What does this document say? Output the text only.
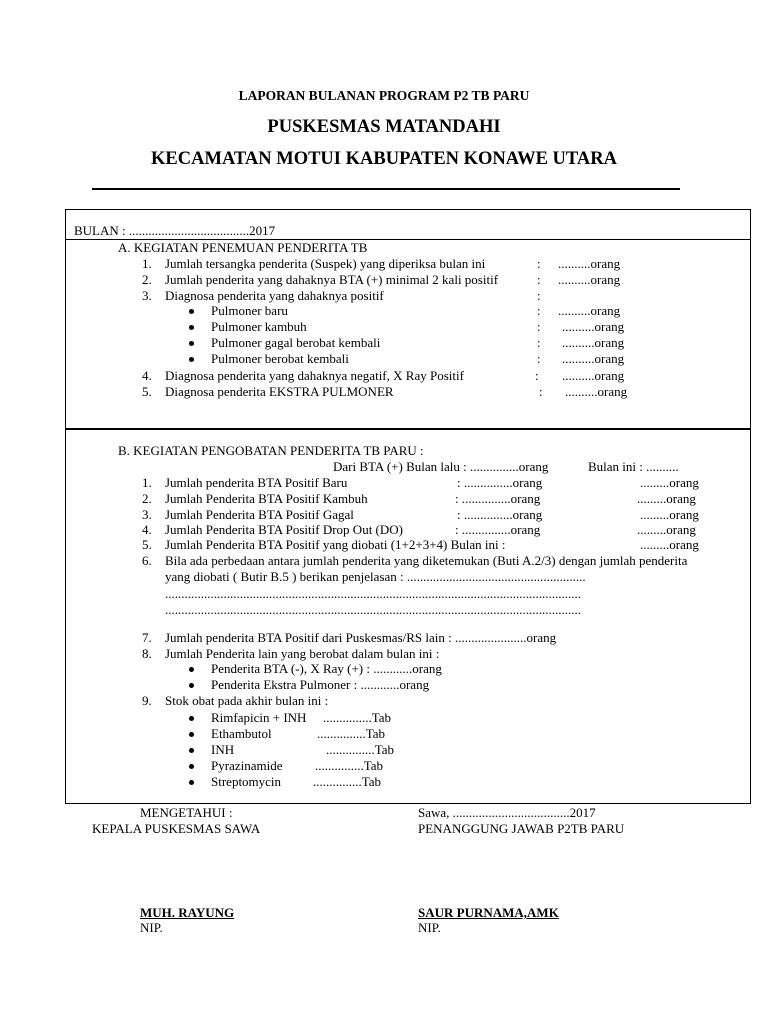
LAPORAN BULANAN PROGRAM P2 TB PARU
PUSKESMAS MATANDAHI
KECAMATAN MOTUI KABUPATEN KONAWE UTARA
BULAN : .....................................2017
A. KEGIATAN PENEMUAN PENDERITA TB
1. Jumlah tersangka penderita (Suspek) yang diperiksa bulan ini	: ..........orang
2. Jumlah penderita yang dahaknya BTA (+) minimal 2 kali positif	: ..........orang
3. Diagnosa penderita yang dahaknya positif	:
Pulmoner baru	: ..........orang
Pulmoner kambuh	: ..........orang
Pulmoner gagal berobat kembali	: ..........orang
Pulmoner berobat kembali	: ..........orang
4. Diagnosa penderita yang dahaknya negatif, X Ray Positif	: ..........orang
5. Diagnosa penderita EKSTRA PULMONER	: ..........orang
B. KEGIATAN PENGOBATAN PENDERITA TB PARU :
Dari BTA (+) Bulan lalu : ...............orang	Bulan ini : ..........
1. Jumlah penderita BTA Positif Baru	: ...............orang	.........orang
2. Jumlah Penderita BTA Positif Kambuh	: ...............orang	.........orang
3. Jumlah Penderita BTA Positif Gagal	: ...............orang	.........orang
4. Jumlah Penderita BTA Positif Drop Out (DO)	: ...............orang	.........orang
5. Jumlah Penderita BTA Positif yang diobati (1+2+3+4) Bulan ini :	.........orang
6. Bila ada perbedaan antara jumlah penderita yang diketemukan (Buti A.2/3) dengan jumlah penderita
yang diobati ( Butir B.5 ) berikan penjelasan : .......................................................
................................................................................................................................
................................................................................................................................
7. Jumlah penderita BTA Positif dari Puskesmas/RS lain : ......................orang
8. Jumlah Penderita lain yang berobat dalam bulan ini :
Penderita BTA (-), X Ray (+) : ............orang
Penderita Ekstra Pulmoner : ............orang
9. Stok obat pada akhir bulan ini :
Rimfapicin + INH ...............Tab
Ethambutol	...............Tab
INH	...............Tab
Pyrazinamide	...............Tab
Streptomycin ...............Tab
MENGETAHUI :
KEPALA PUSKESMAS SAWA
Sawa, ....................................2017
PENANGGUNG JAWAB P2TB PARU
MUH. RAYUNG
NIP.
SAUR PURNAMA,AMK
NIP.
